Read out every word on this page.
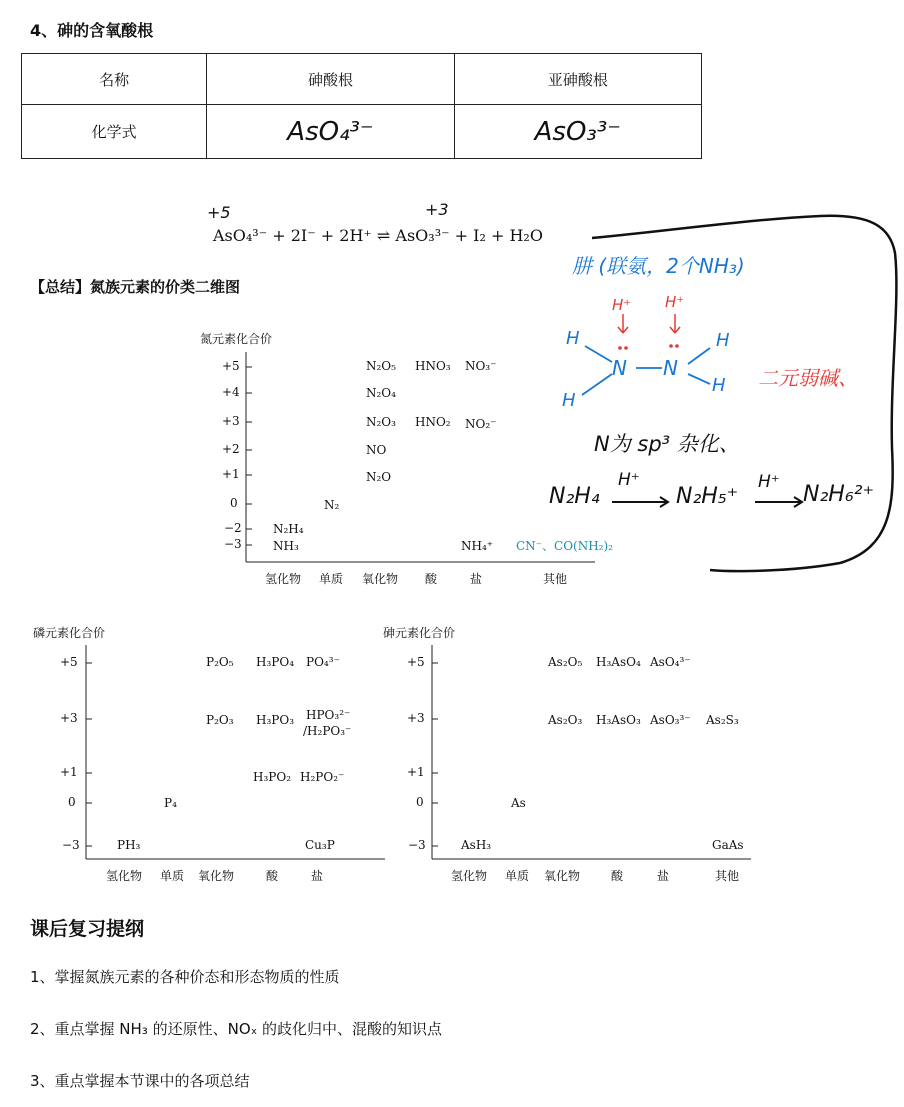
4、砷的含氧酸根
名称	砷酸根	亚砷酸根
化学式	AsO₄³⁻	AsO₃³⁻
+5	+3
AsO₄³⁻ + 2I⁻ + 2H⁺ ⇌ AsO₃³⁻ + I₂ + H₂O
【总结】氮族元素的价类二维图
氮元素化合价
+5
+4
+3
+2
+1
0
−2
−3
N₂O₅ HNO₃ NO₃⁻
N₂O₄
N₂O₃ HNO₂ NO₂⁻
NO
N₂O
N₂
N₂H₄
NH₃	NH₄⁺ CN⁻、CO(NH₂)₂
氢化物 单质 氧化物 酸	盐	其他
肼 (联氨，2个NH₃)
H⁺ H⁺
H
H
N N
H
H 二元弱碱、
N为 sp³ 杂化、
N₂H₄
H⁺
N₂H₅⁺
H⁺ N₂H₆²⁺
磷元素化合价
+5
+3
+1
0
−3
P₂O₅ H₃PO₄ PO₄³⁻
P₂O₃ H₃PO₃ HPO₃²⁻
/H₂PO₃⁻
H₃PO₂ H₂PO₂⁻
P₄
PH₃	Cu₃P
氢化物 单质 氧化物	酸	盐
砷元素化合价
+5
+3
+1
0
−3
As₂O₅ H₃AsO₄ AsO₄³⁻
As₂O₃ H₃AsO₃ AsO₃³⁻ As₂S₃
As
AsH₃	GaAs
氢化物 单质 氧化物	酸	盐	其他
课后复习提纲
1、掌握氮族元素的各种价态和形态物质的性质
2、重点掌握 NH₃ 的还原性、NOₓ 的歧化归中、混酸的知识点
3、重点掌握本节课中的各项总结
